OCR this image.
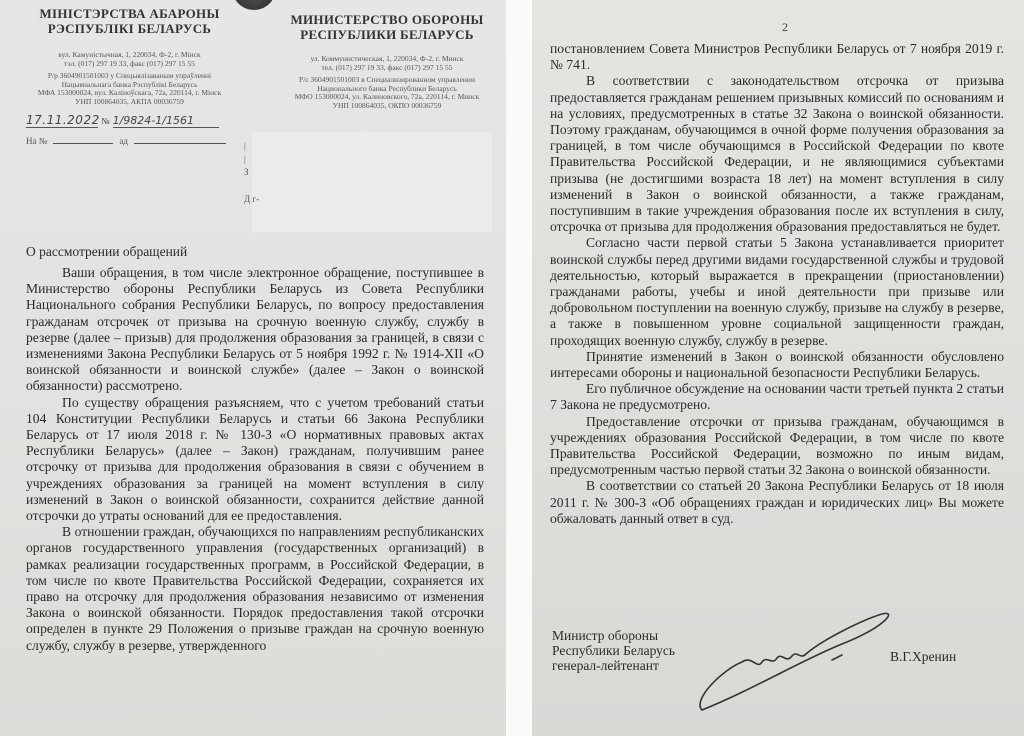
МІНІСТЭРСТВА АБАРОНЫ
РЭСПУБЛІКІ БЕЛАРУСЬ
вул. Камуністычная, 1, 220034, Ф-2, г. Мінск
тэл. (017) 297 19 33, факс (017) 297 15 55
Р/р 3604901501003 у Спецыялізаваным упраўленні
Нацыянальнага банка Рэспублікі Беларусь
МФА 153000024, вул. Калінoўскага, 72а, 220114, г. Мінск
УНП 100864035, АКПА 00036759
МИНИСТЕРСТВО ОБОРОНЫ
РЕСПУБЛИКИ БЕЛАРУСЬ
ул. Коммунистическая, 1, 220034, Ф-2, г. Минск
тел. (017) 297 19 33, факс (017) 297 15 55
Р/с 3604901501003 в Специализированном управлении
Национального банка Республики Беларусь
МФО 153000024, ул. Калиновского, 72а, 220114, г. Минск
УНП 100864035, ОКПО 00036759
17.11.2022№ 1/9824-1/1561
На №	ад	|
|
З
Д г-
О рассмотрении обращений

Ваши обращения, в том числе электронное обращение, поступившее в Министерство обороны Республики Беларусь из Совета Республики Национального собрания Республики Беларусь, по вопросу предоставления гражданам отсрочек от призыва на срочную военную службу, службу в резерве (далее – призыв) для продолжения образования за границей, в связи с изменениями Закона Республики Беларусь от 5 ноября 1992 г. № 1914-XII «О воинской обязанности и воинской службе» (далее – Закон о воинской обязанности) рассмотрено.

По существу обращения разъясняем, что с учетом требований статьи 104 Конституции Республики Беларусь и статьи 66 Закона Республики Беларусь от 17 июля 2018 г. № 130-З «О нормативных правовых актах Республики Беларусь» (далее – Закон) гражданам, получившим ранее отсрочку от призыва для продолжения образования в связи с обучением в учреждениях образования за границей на момент вступления в силу изменений в Закон о воинской обязанности, сохранится действие данной отсрочки до утраты оснований для ее предоставления.

В отношении граждан, обучающихся по направлениям республиканских органов государственного управления (государственных организаций) в рамках реализации государственных программ, в Российской Федерации, в том числе по квоте Правительства Российской Федерации, сохраняется их право на отсрочку для продолжения образования независимо от изменения Закона о воинской обязанности. Порядок предоставления такой отсрочки определен в пункте 29 Положения о призыве граждан на срочную военную службу, службу в резерве, утвержденного

2

постановлением Совета Министров Республики Беларусь от 7 ноября 2019 г. № 741.

В соответствии с законодательством отсрочка от призыва предоставляется гражданам решением призывных комиссий по основаниям и на условиях, предусмотренных в статье 32 Закона о воинской обязанности. Поэтому гражданам, обучающимся в очной форме получения образования за границей, в том числе обучающимся в Российской Федерации по квоте Правительства Российской Федерации, и не являющимися субъектами призыва (не достигшими возраста 18 лет) на момент вступления в силу изменений в Закон о воинской обязанности, а также гражданам, поступившим в такие учреждения образования после их вступления в силу, отсрочка от призыва для продолжения образования предоставляться не будет.

Согласно части первой статьи 5 Закона устанавливается приоритет воинской службы перед другими видами государственной службы и трудовой деятельностью, который выражается в прекращении (приостановлении) гражданами работы, учебы и иной деятельности при призыве или добровольном поступлении на военную службу, призыве на службу в резерве, а также в повышенном уровне социальной защищенности граждан, проходящих военную службу, службу в резерве.

Принятие изменений в Закон о воинской обязанности обусловлено интересами обороны и национальной безопасности Республики Беларусь.

Его публичное обсуждение на основании части третьей пункта 2 статьи 7 Закона не предусмотрено.

Предоставление отсрочки от призыва гражданам, обучающимся в учреждениях образования Российской Федерации, в том числе по квоте Правительства Российской Федерации, возможно по иным видам, предусмотренным частью первой статьи 32 Закона о воинской обязанности.

В соответствии со статьей 20 Закона Республики Беларусь от 18 июля 2011 г. № 300-З «Об обращениях граждан и юридических лиц» Вы можете обжаловать данный ответ в суд.

Министр обороны
Республики Беларусь
генерал-лейтенант
В.Г.Хренин
